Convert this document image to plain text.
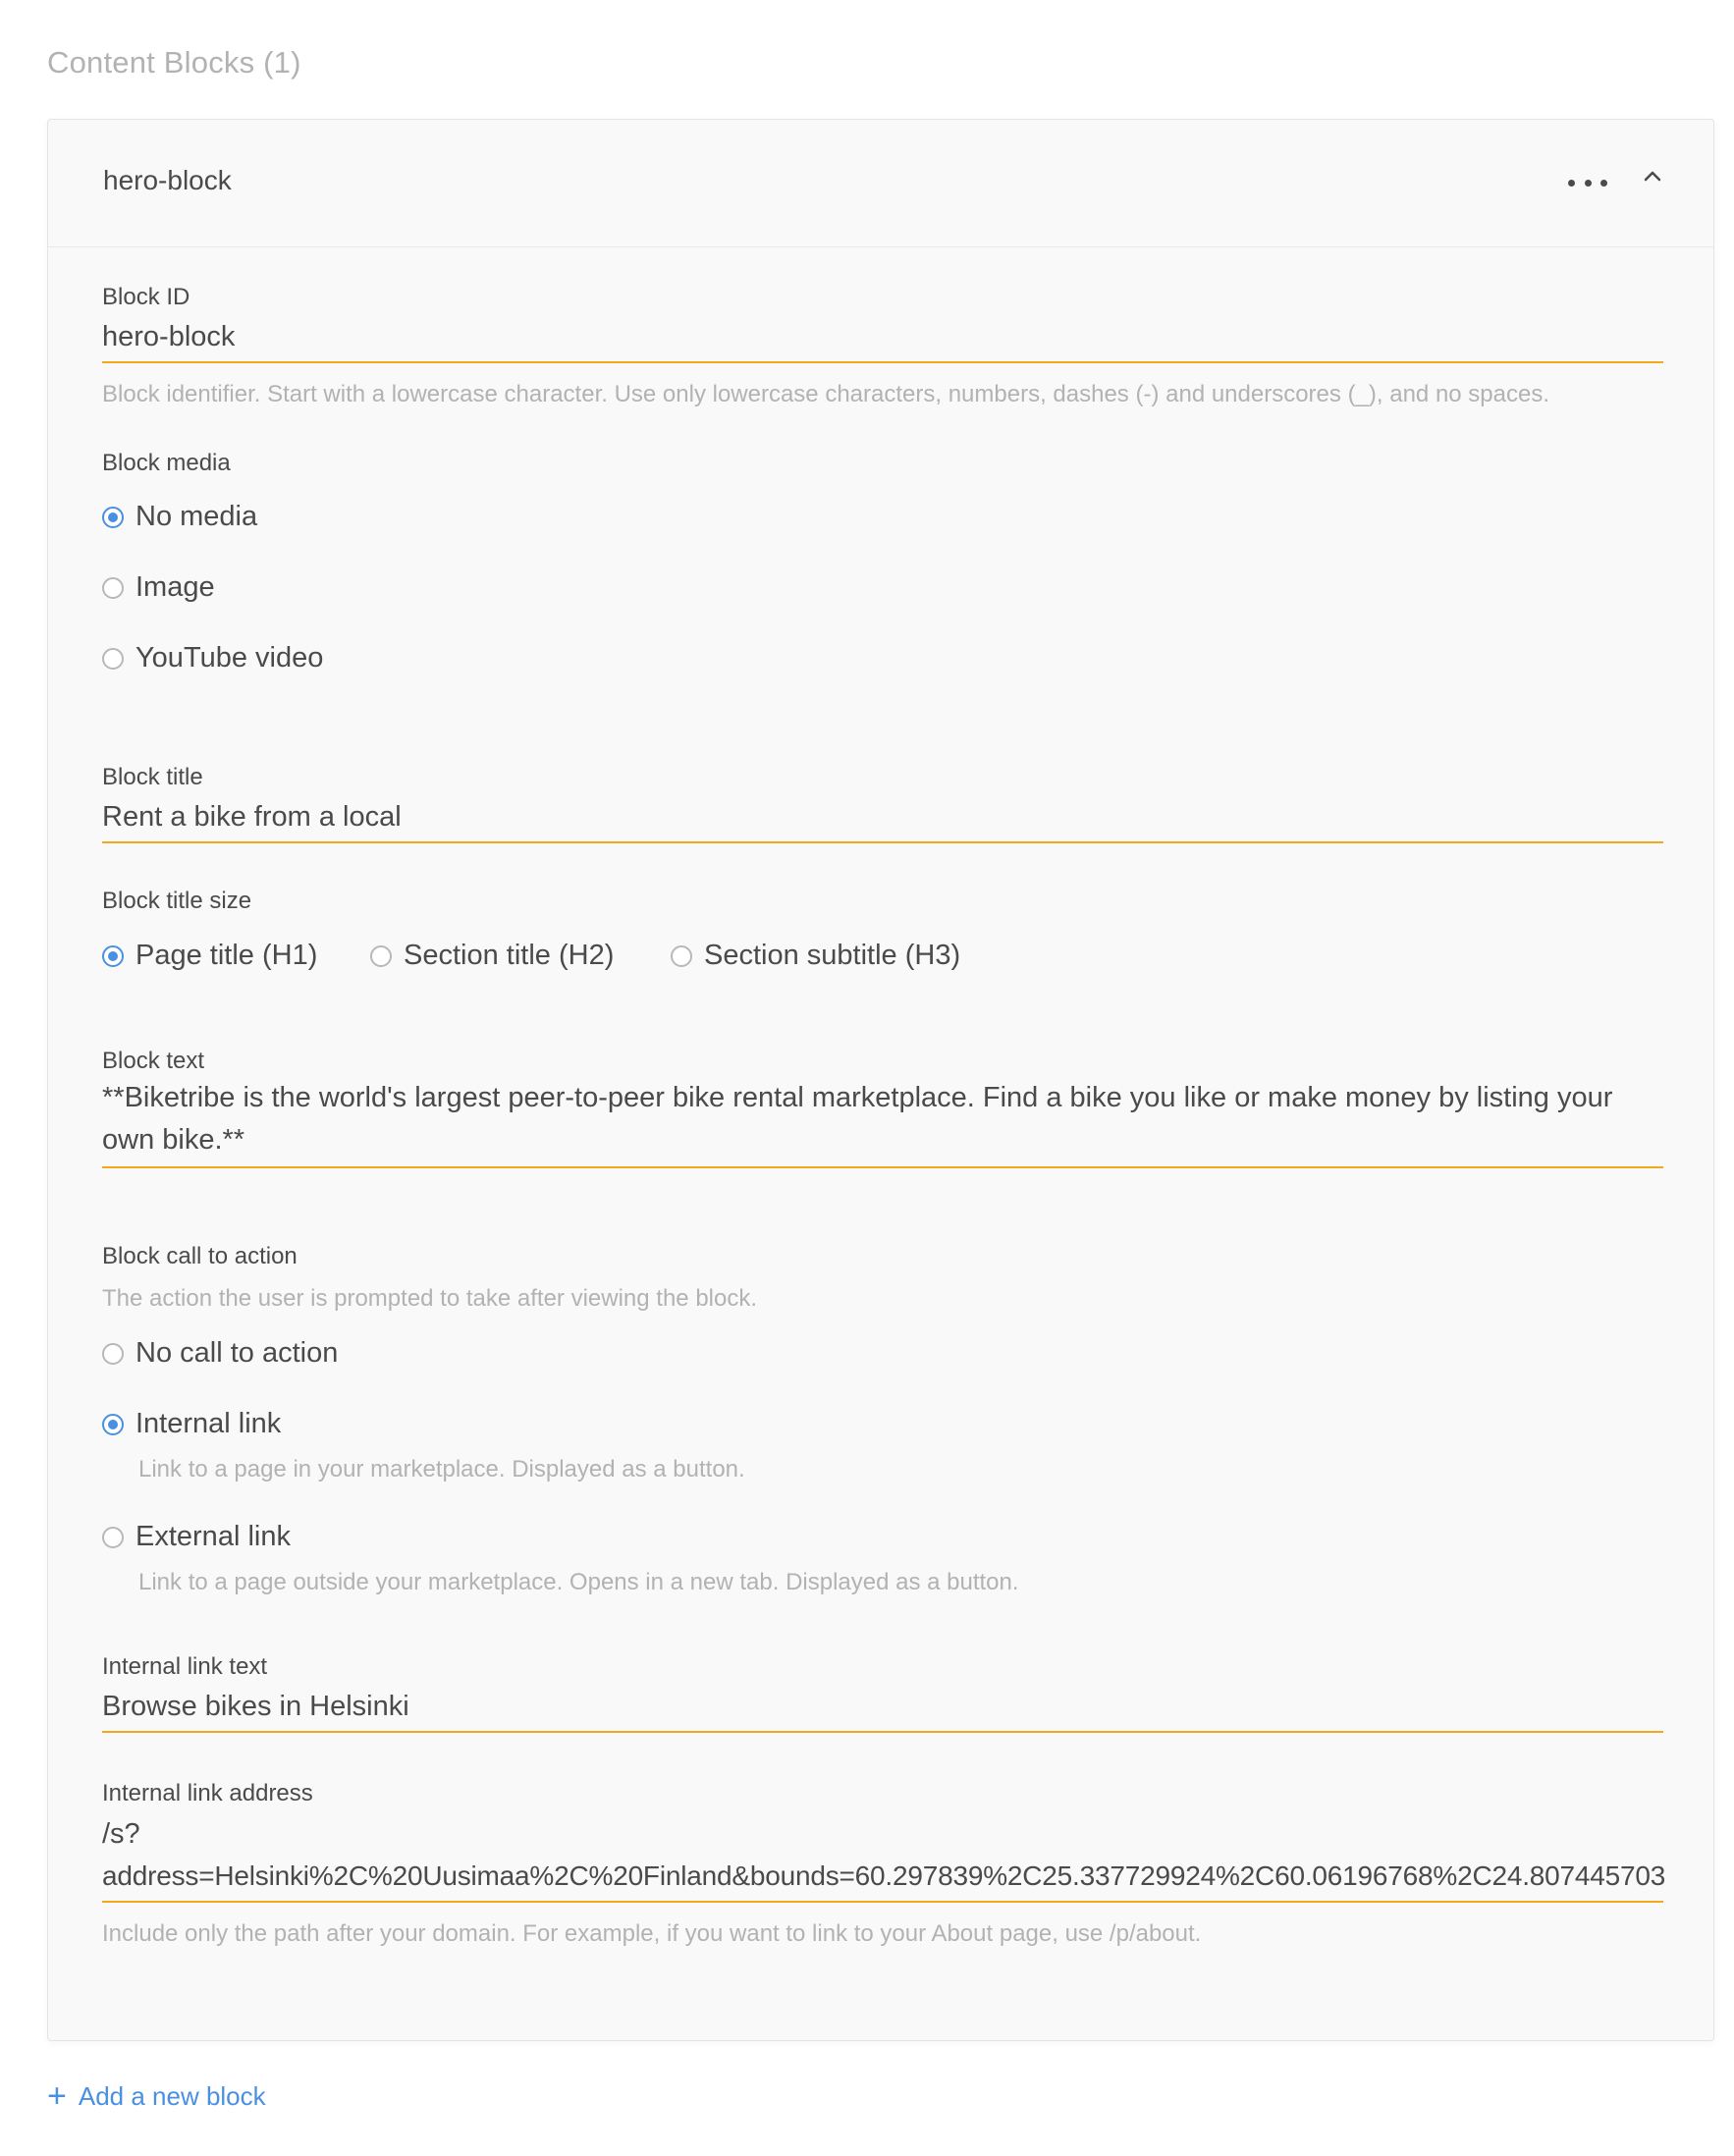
Content Blocks (1)
hero-block
Block ID
hero-block
Block identifier. Start with a lowercase character. Use only lowercase characters, numbers, dashes (-) and underscores (_), and no spaces.
Block media
No media
Image
YouTube video
Block title
Rent a bike from a local
Block title size
Page title (H1)	Section title (H2)	Section subtitle (H3)
Block text
**Biketribe is the world's largest peer-to-peer bike rental marketplace. Find a bike you like or make money by listing your own bike.**
Block call to action
The action the user is prompted to take after viewing the block.
No call to action
Internal link
Link to a page in your marketplace. Displayed as a button.
External link
Link to a page outside your marketplace. Opens in a new tab. Displayed as a button.
Internal link text
Browse bikes in Helsinki
Internal link address
/s?
address=Helsinki%2C%20Uusimaa%2C%20Finland&bounds=60.297839%2C25.337729924%2C60.06196768%2C24.807445703
Include only the path after your domain. For example, if you want to link to your About page, use /p/about.
+ Add a new block
